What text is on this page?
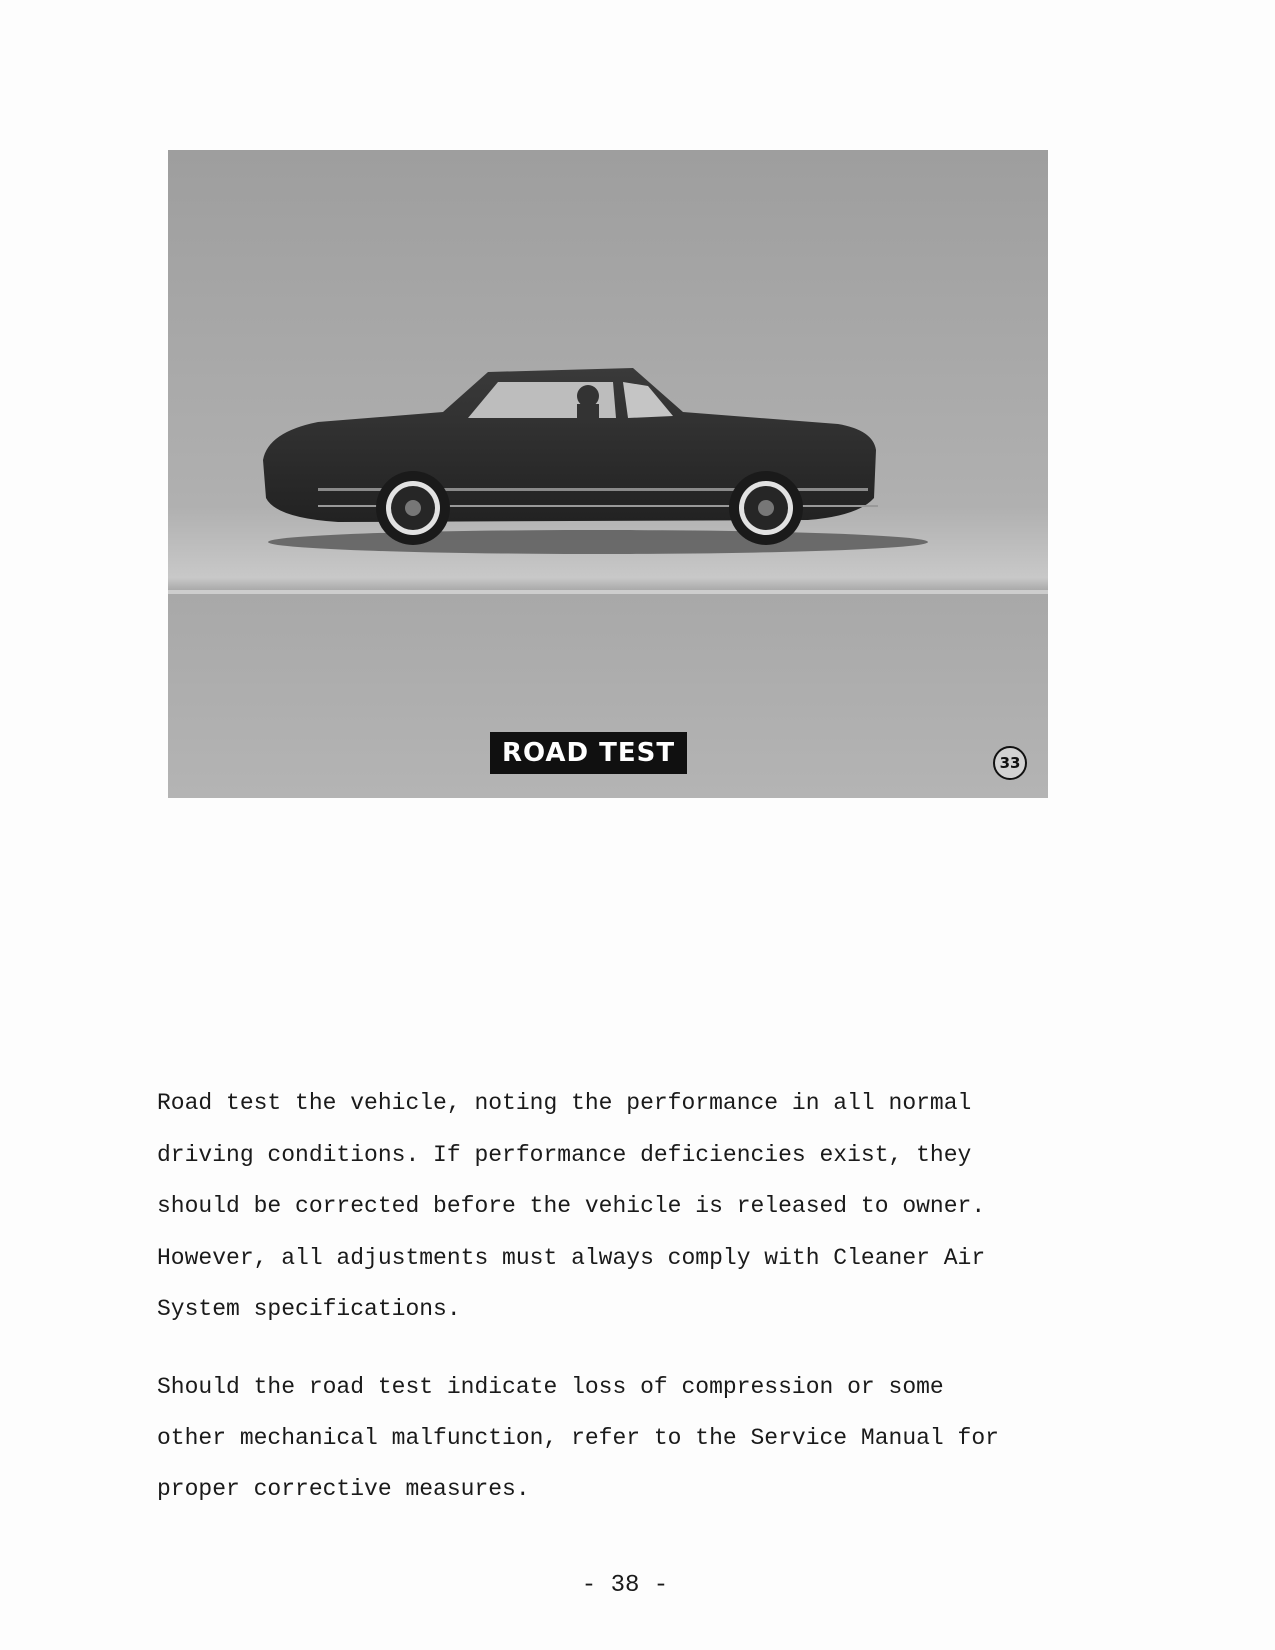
ROAD TEST	33

Road test the vehicle, noting the performance in all normal
driving conditions. If performance deficiencies exist, they
should be corrected before the vehicle is released to owner.
However, all adjustments must always comply with Cleaner Air
System specifications.

Should the road test indicate loss of compression or some
other mechanical malfunction, refer to the Service Manual for
proper corrective measures.

- 38 -
